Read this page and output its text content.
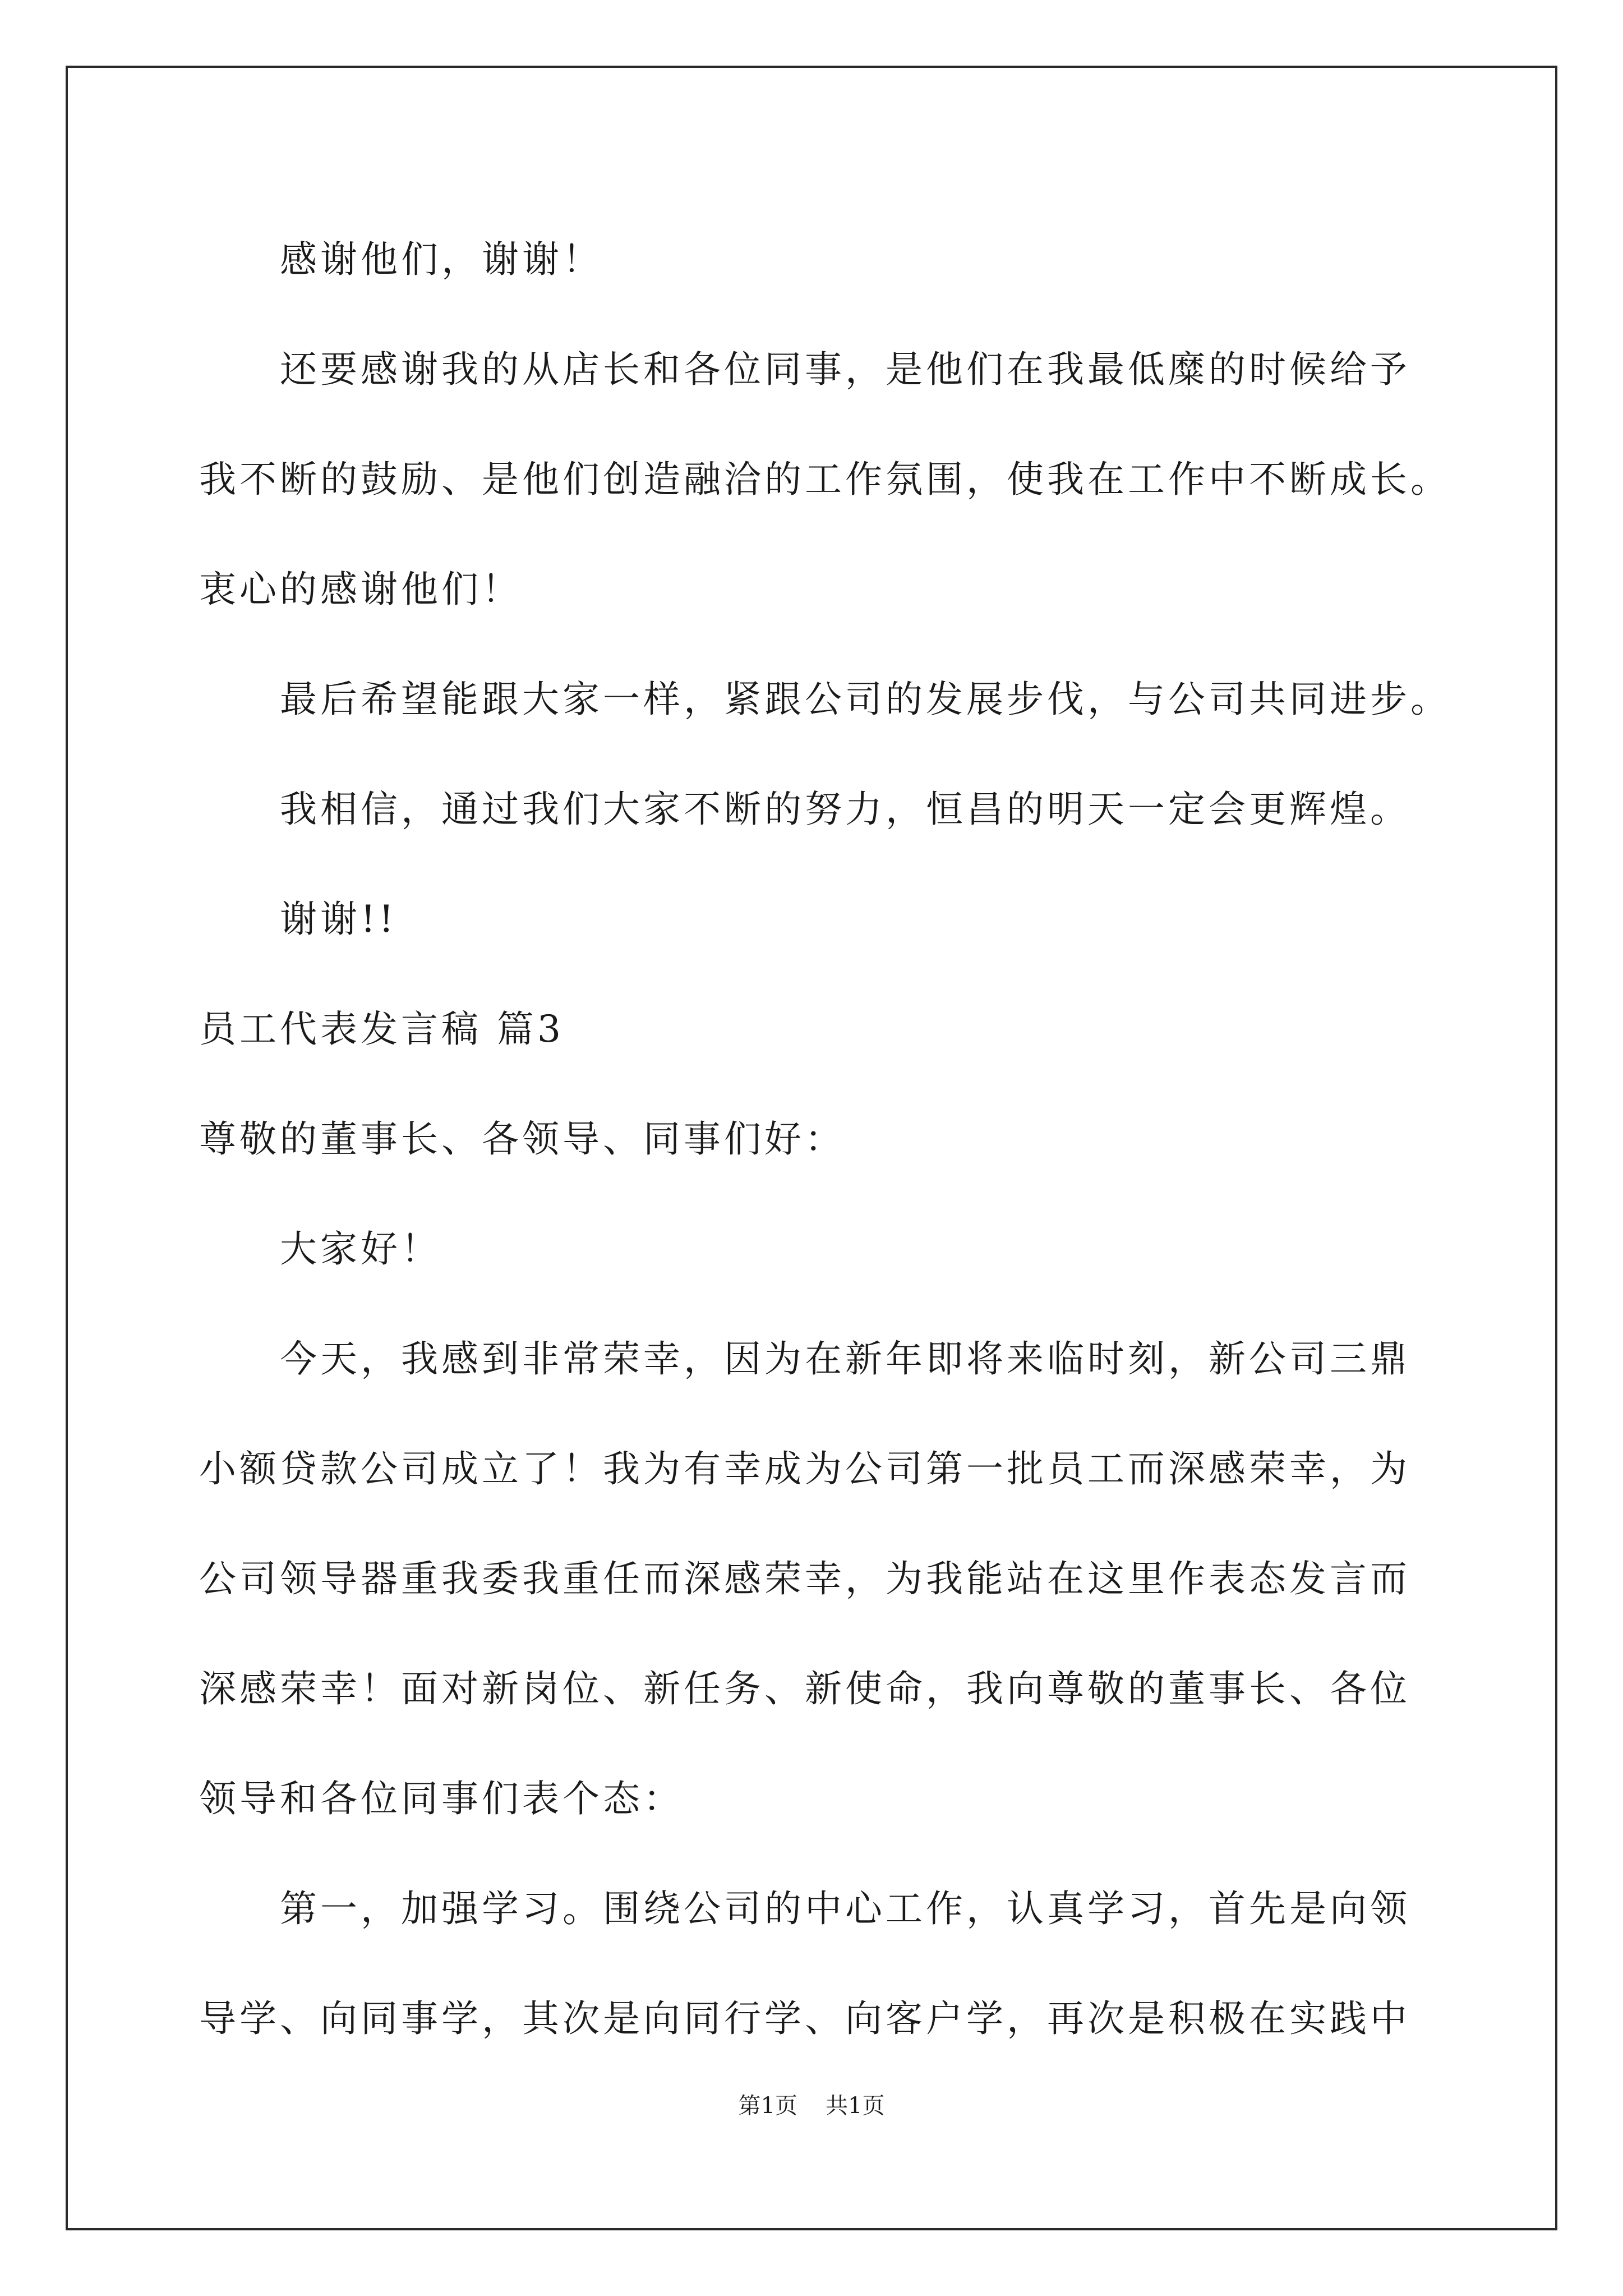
感谢他们，谢谢！

还要感谢我的从店长和各位同事，是他们在我最低糜的时候给予

我不断的鼓励、是他们创造融洽的工作氛围，使我在工作中不断成长。

衷心的感谢他们！

最后希望能跟大家一样，紧跟公司的发展步伐，与公司共同进步。

我相信，通过我们大家不断的努力，恒昌的明天一定会更辉煌。

谢谢!!

员工代表发言稿 篇3

尊敬的董事长、各领导、同事们好：

大家好！

今天，我感到非常荣幸，因为在新年即将来临时刻，新公司三鼎

小额贷款公司成立了！我为有幸成为公司第一批员工而深感荣幸，为

公司领导器重我委我重任而深感荣幸，为我能站在这里作表态发言而

深感荣幸！面对新岗位、新任务、新使命，我向尊敬的董事长、各位

领导和各位同事们表个态：

第一，加强学习。围绕公司的中心工作，认真学习，首先是向领

导学、向同事学，其次是向同行学、向客户学，再次是积极在实践中

第1页 共1页
